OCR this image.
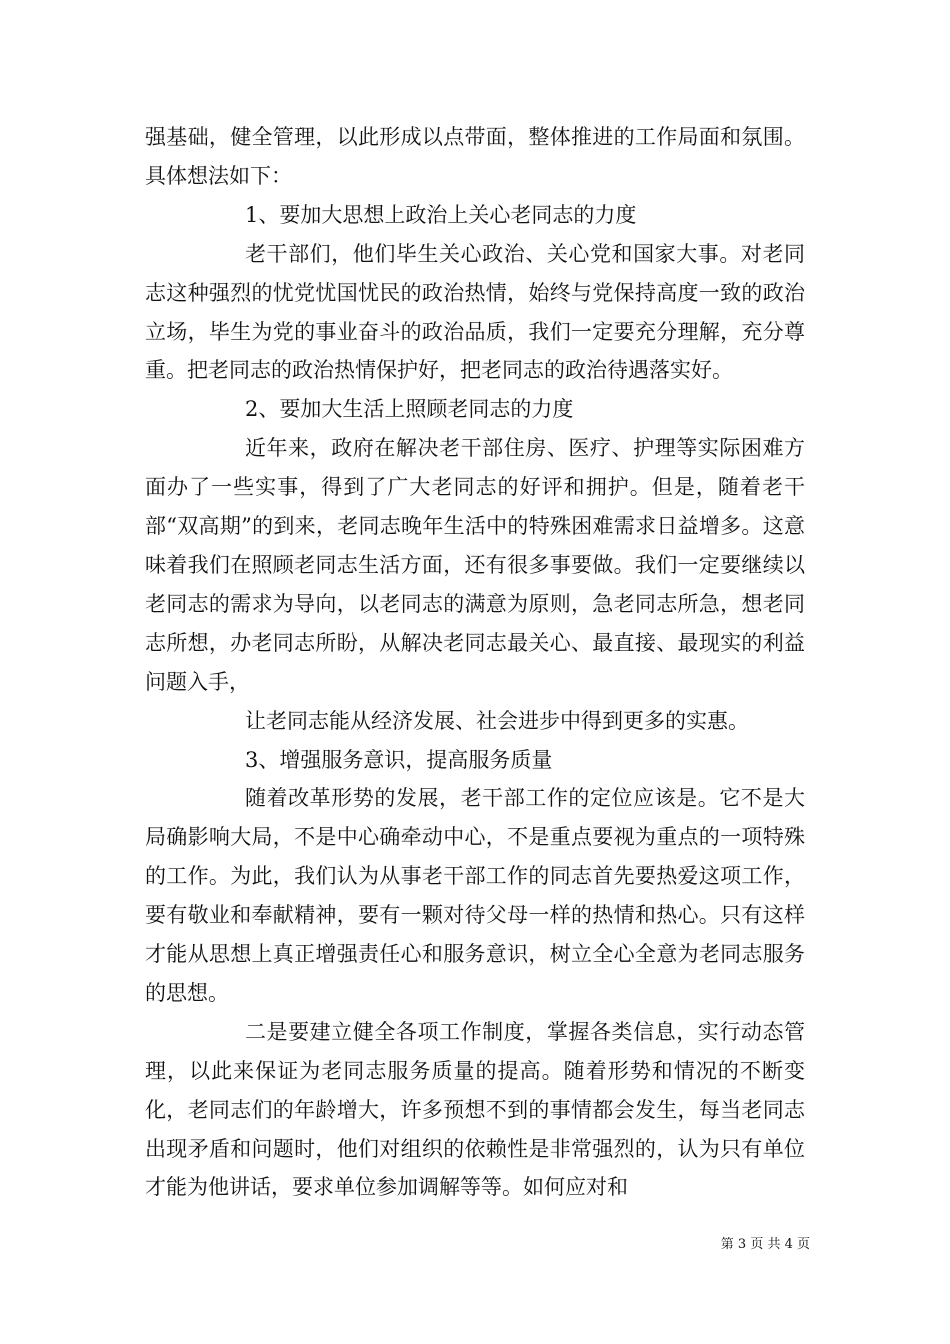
强基础，健全管理，以此形成以点带面，整体推进的工作局面和氛围。具体想法如下：

1、要加大思想上政治上关心老同志的力度

老干部们，他们毕生关心政治、关心党和国家大事。对老同志这种强烈的忧党忧国忧民的政治热情，始终与党保持高度一致的政治立场，毕生为党的事业奋斗的政治品质，我们一定要充分理解，充分尊重。把老同志的政治热情保护好，把老同志的政治待遇落实好。

2、要加大生活上照顾老同志的力度

近年来，政府在解决老干部住房、医疗、护理等实际困难方面办了一些实事，得到了广大老同志的好评和拥护。但是，随着老干部“双高期”的到来，老同志晚年生活中的特殊困难需求日益增多。这意味着我们在照顾老同志生活方面，还有很多事要做。我们一定要继续以老同志的需求为导向，以老同志的满意为原则，急老同志所急，想老同志所想，办老同志所盼，从解决老同志最关心、最直接、最现实的利益问题入手，

让老同志能从经济发展、社会进步中得到更多的实惠。

3、增强服务意识，提高服务质量

随着改革形势的发展，老干部工作的定位应该是。它不是大局确影响大局，不是中心确牵动中心，不是重点要视为重点的一项特殊的工作。为此，我们认为从事老干部工作的同志首先要热爱这项工作，要有敬业和奉献精神，要有一颗对待父母一样的热情和热心。只有这样才能从思想上真正增强责任心和服务意识，树立全心全意为老同志服务的思想。

二是要建立健全各项工作制度，掌握各类信息，实行动态管理，以此来保证为老同志服务质量的提高。随着形势和情况的不断变化，老同志们的年龄增大，许多预想不到的事情都会发生，每当老同志出现矛盾和问题时，他们对组织的依赖性是非常强烈的，认为只有单位才能为他讲话，要求单位参加调解等等。如何应对和

第 3 页 共 4 页
